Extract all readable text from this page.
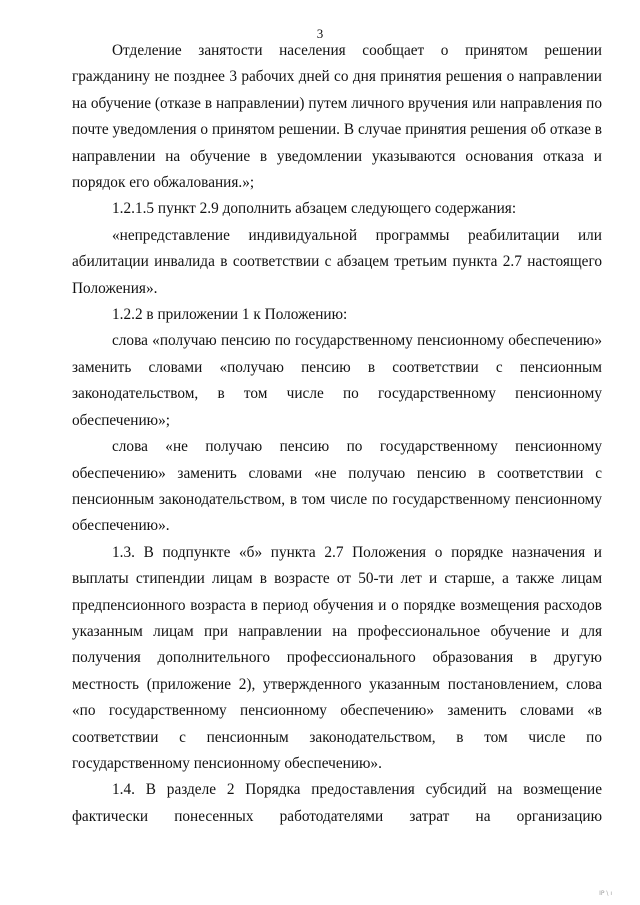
3

Отделение занятости населения сообщает о принятом решении гражданину не позднее 3 рабочих дней со дня принятия решения о направлении на обучение (отказе в направлении) путем личного вручения или направления по почте уведомления о принятом решении. В случае принятия решения об отказе в направлении на обучение в уведомлении указываются основания отказа и порядок его обжалования.»;

1.2.1.5 пункт 2.9 дополнить абзацем следующего содержания:

«непредставление индивидуальной программы реабилитации или абилитации инвалида в соответствии с абзацем третьим пункта 2.7 настоящего Положения».

1.2.2 в приложении 1 к Положению:

слова «получаю пенсию по государственному пенсионному обеспечению» заменить словами «получаю пенсию в соответствии с пенсионным законодательством, в том числе по государственному пенсионному обеспечению»;

слова «не получаю пенсию по государственному пенсионному обеспечению» заменить словами «не получаю пенсию в соответствии с пенсионным законодательством, в том числе по государственному пенсионному обеспечению».

1.3. В подпункте «б» пункта 2.7 Положения о порядке назначения и выплаты стипендии лицам в возрасте от 50-ти лет и старше, а также лицам предпенсионного возраста в период обучения и о порядке возмещения расходов указанным лицам при направлении на профессиональное обучение и для получения дополнительного профессионального образования в другую местность (приложение 2), утвержденного указанным постановлением, слова «по государственному пенсионному обеспечению» заменить словами «в соответствии с пенсионным законодательством, в том числе по государственному пенсионному обеспечению».

1.4. В разделе 2 Порядка предоставления субсидий на возмещение фактически понесенных работодателями затрат на организацию

IP \ ı
